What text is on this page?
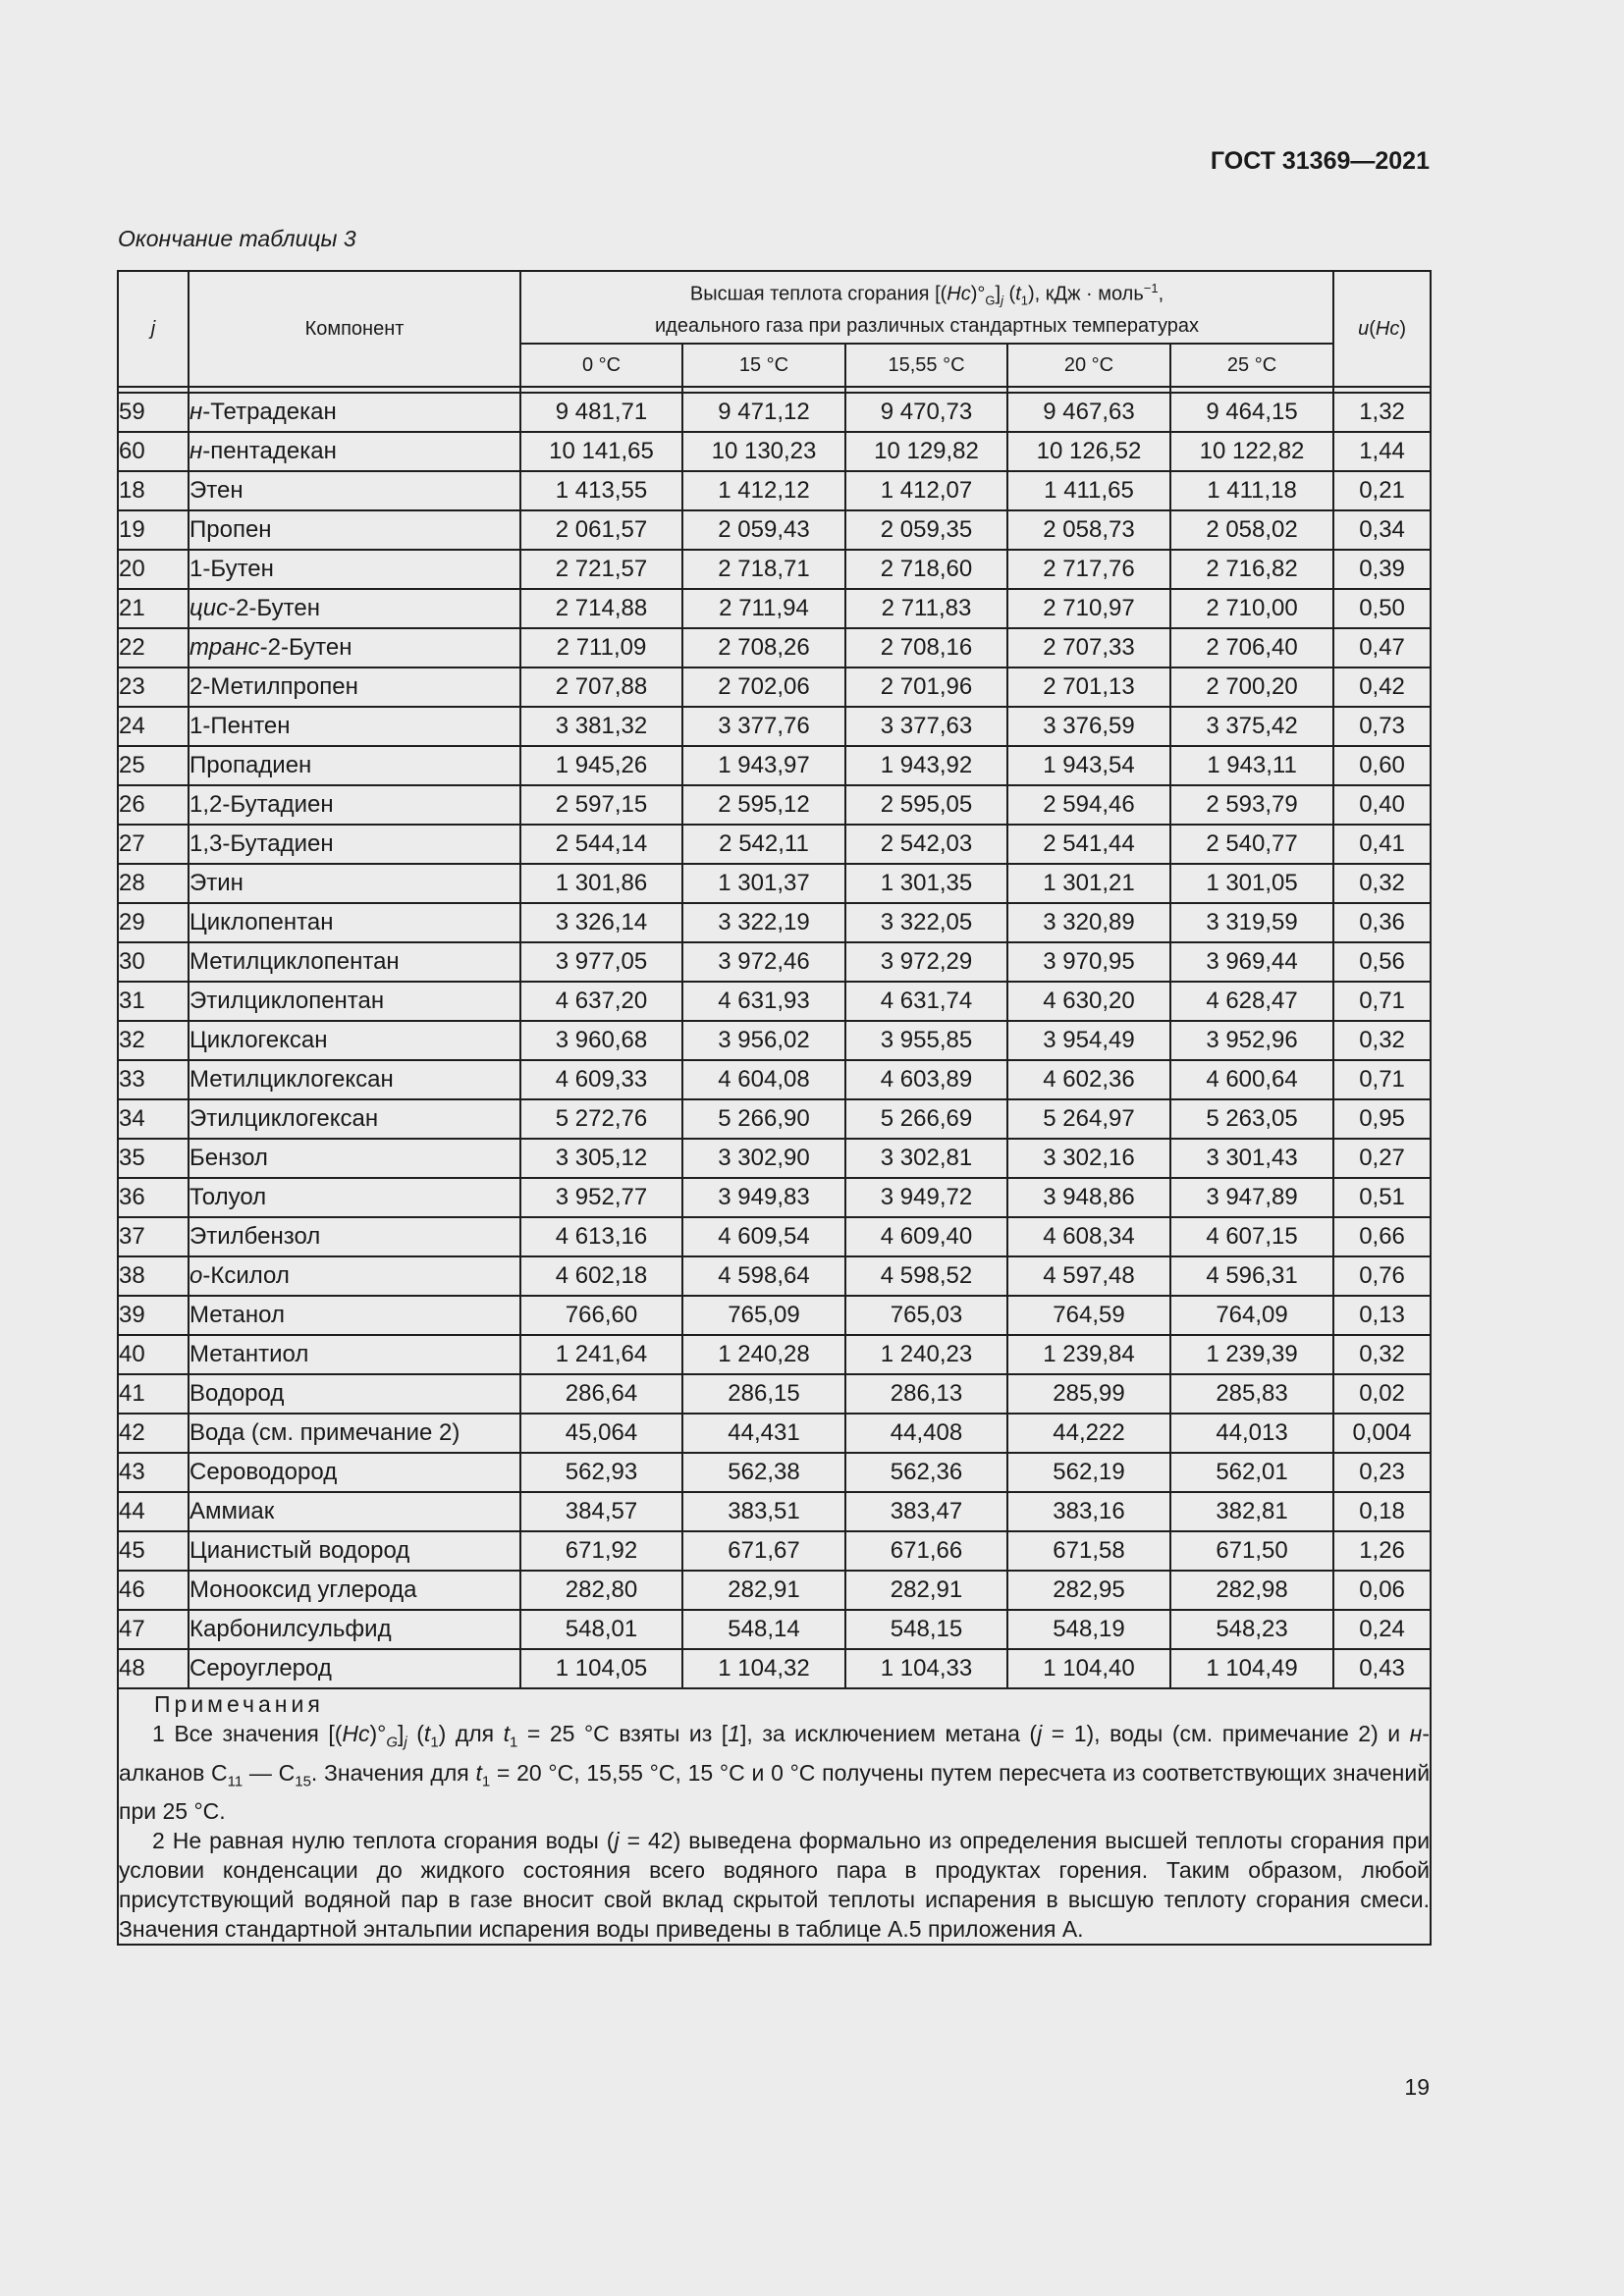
ГОСТ 31369—2021
Окончание таблицы 3
j	Компонент	Высшая теплота сгорания $[(Hc)^\circ_G]_j$ $(t_1)$, кДж · моль$^{-1}$,
идеального газа при различных стандартных температурах					u(Hc)
		0 °C	15 °C	15,55 °C	20 °C	25 °C	

59	н-Тетрадекан	9 481,71	9 471,12	9 470,73	9 467,63	9 464,15	1,32
60	н-пентадекан	10 141,65	10 130,23	10 129,82	10 126,52	10 122,82	1,44
18	Этен	1 413,55	1 412,12	1 412,07	1 411,65	1 411,18	0,21
19	Пропен	2 061,57	2 059,43	2 059,35	2 058,73	2 058,02	0,34
20	1-Бутен	2 721,57	2 718,71	2 718,60	2 717,76	2 716,82	0,39
21	цис-2-Бутен	2 714,88	2 711,94	2 711,83	2 710,97	2 710,00	0,50
22	транс-2-Бутен	2 711,09	2 708,26	2 708,16	2 707,33	2 706,40	0,47
23	2-Метилпропен	2 707,88	2 702,06	2 701,96	2 701,13	2 700,20	0,42
24	1-Пентен	3 381,32	3 377,76	3 377,63	3 376,59	3 375,42	0,73
25	Пропадиен	1 945,26	1 943,97	1 943,92	1 943,54	1 943,11	0,60
26	1,2-Бутадиен	2 597,15	2 595,12	2 595,05	2 594,46	2 593,79	0,40
27	1,3-Бутадиен	2 544,14	2 542,11	2 542,03	2 541,44	2 540,77	0,41
28	Этин	1 301,86	1 301,37	1 301,35	1 301,21	1 301,05	0,32
29	Циклопентан	3 326,14	3 322,19	3 322,05	3 320,89	3 319,59	0,36
30	Метилциклопентан	3 977,05	3 972,46	3 972,29	3 970,95	3 969,44	0,56
31	Этилциклопентан	4 637,20	4 631,93	4 631,74	4 630,20	4 628,47	0,71
32	Циклогексан	3 960,68	3 956,02	3 955,85	3 954,49	3 952,96	0,32
33	Метилциклогексан	4 609,33	4 604,08	4 603,89	4 602,36	4 600,64	0,71
34	Этилциклогексан	5 272,76	5 266,90	5 266,69	5 264,97	5 263,05	0,95
35	Бензол	3 305,12	3 302,90	3 302,81	3 302,16	3 301,43	0,27
36	Толуол	3 952,77	3 949,83	3 949,72	3 948,86	3 947,89	0,51
37	Этилбензол	4 613,16	4 609,54	4 609,40	4 608,34	4 607,15	0,66
38	о-Ксилол	4 602,18	4 598,64	4 598,52	4 597,48	4 596,31	0,76
39	Метанол	766,60	765,09	765,03	764,59	764,09	0,13
40	Метантиол	1 241,64	1 240,28	1 240,23	1 239,84	1 239,39	0,32
41	Водород	286,64	286,15	286,13	285,99	285,83	0,02
42	Вода (см. примечание 2)	45,064	44,431	44,408	44,222	44,013	0,004
43	Сероводород	562,93	562,38	562,36	562,19	562,01	0,23
44	Аммиак	384,57	383,51	383,47	383,16	382,81	0,18
45	Цианистый водород	671,92	671,67	671,66	671,58	671,50	1,26
46	Монооксид углерода	282,80	282,91	282,91	282,95	282,98	0,06
47	Карбонилсульфид	548,01	548,14	548,15	548,19	548,23	0,24
48	Сероуглерод	1 104,05	1 104,32	1 104,33	1 104,40	1 104,49	0,43

Примечания

1 Все значения $[(Hc)^\circ_G]_j$ $(t_1)$ для $t_1 = 25$ °C взяты из [1], за исключением метана (j = 1), воды (см. примечание 2) и н-алканов $C_{11}$ — $C_{15}$. Значения для $t_1 = 20$ °C, 15,55 °C, 15 °C и 0 °C получены путем пересчета из соответствующих значений при 25 °C.

2 Не равная нулю теплота сгорания воды (j = 42) выведена формально из определения высшей теплоты сгорания при условии конденсации до жидкого состояния всего водяного пара в продуктах горения. Таким образом, любой присутствующий водяной пар в газе вносит свой вклад скрытой теплоты испарения в высшую теплоту сгорания смеси. Значения стандартной энтальпии испарения воды приведены в таблице А.5 приложения А.							

19
